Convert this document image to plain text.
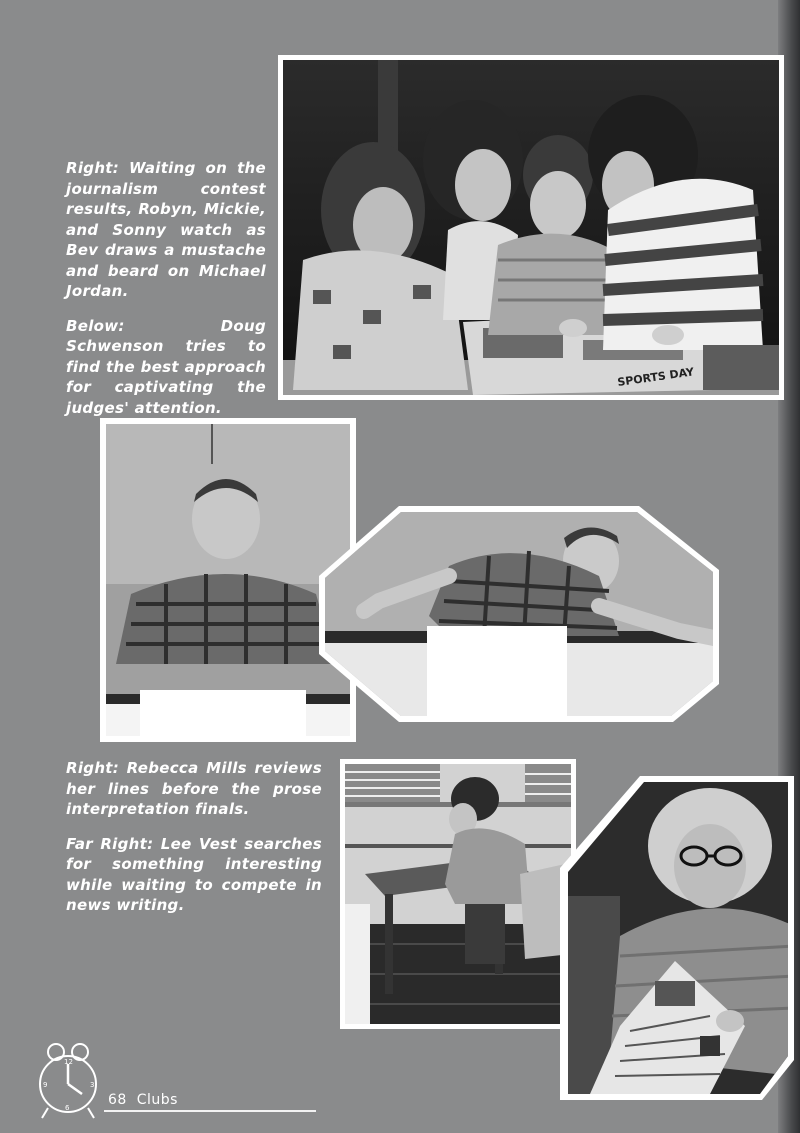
Right: Waiting on the journalism contest results, Robyn, Mickie, and Sonny watch as Bev draws a mustache and beard on Michael Jordan.

Below: Doug Schwenson tries to find the best approach for captivating the judges' attention.

SPORTS DAY

Right: Rebecca Mills reviews her lines before the prose interpretation finals.

Far Right: Lee Vest searches for something interesting while waiting to compete in news writing.

12
3
6
9
68 Clubs
